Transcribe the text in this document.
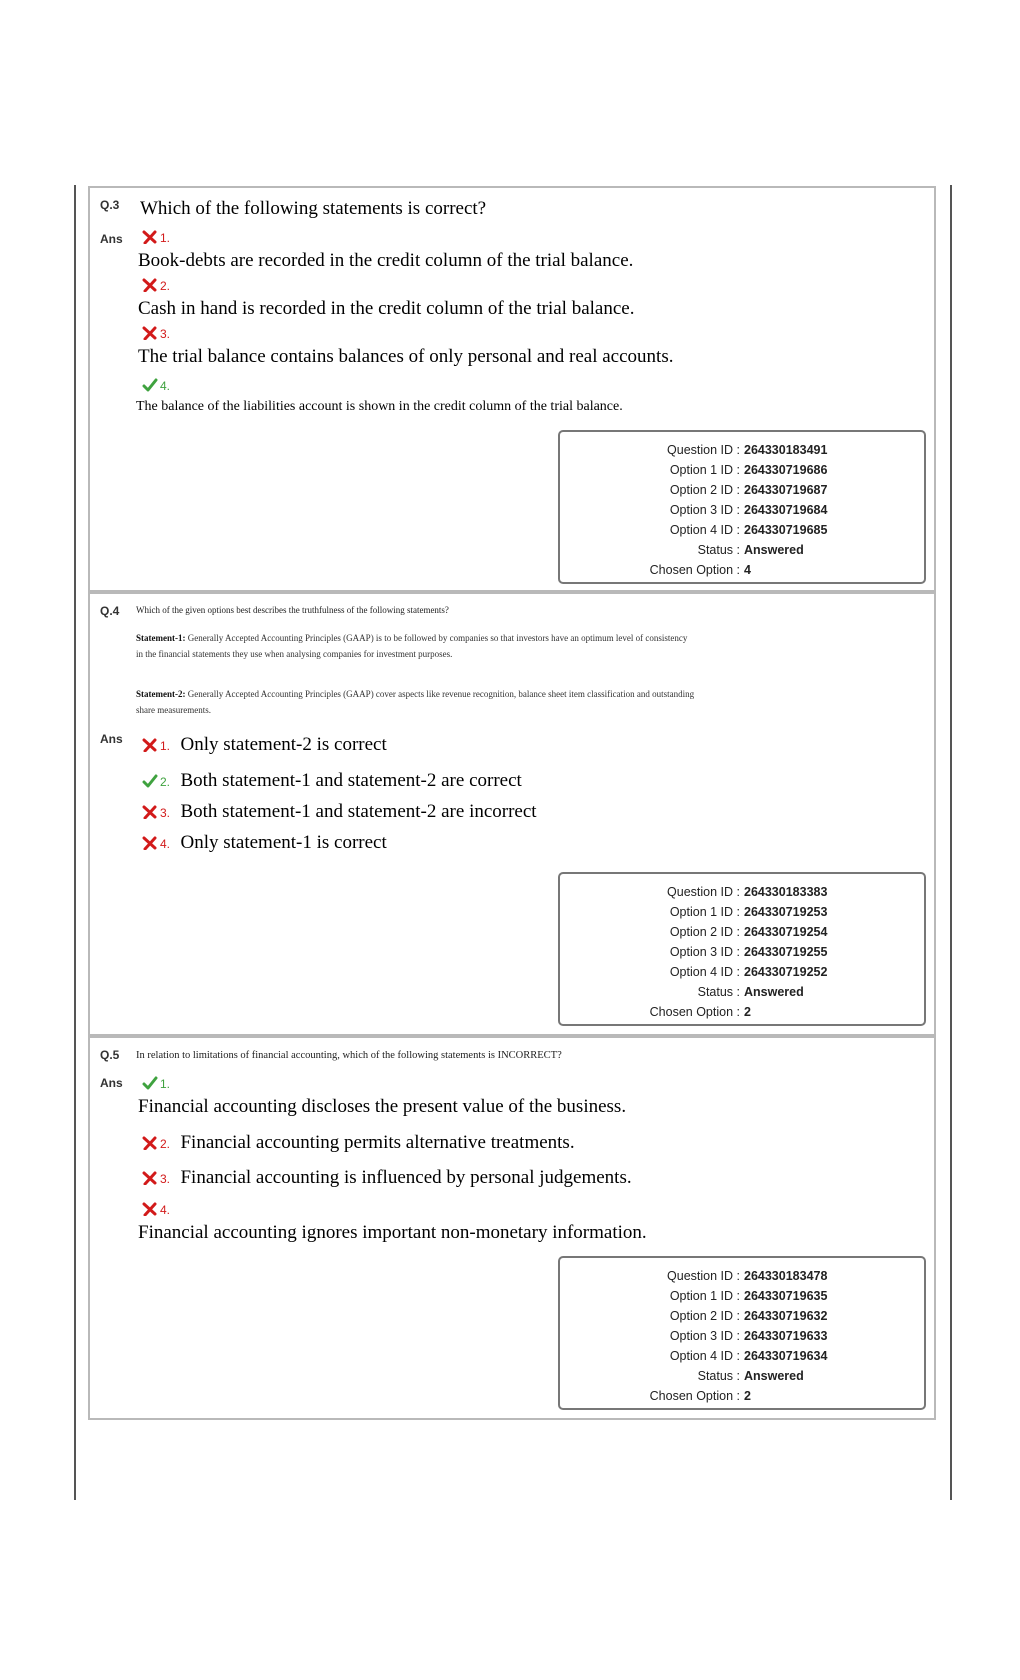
Q.3 Which of the following statements is correct?
Ans	1.
Book-debts are recorded in the credit column of the trial balance.
2.
Cash in hand is recorded in the credit column of the trial balance.
3.
The trial balance contains balances of only personal and real accounts.
4.
The balance of the liabilities account is shown in the credit column of the trial balance.
Question ID : 264330183491
Option 1 ID : 264330719686
Option 2 ID : 264330719687
Option 3 ID : 264330719684
Option 4 ID : 264330719685
Status : Answered
Chosen Option : 4
Q.4 Which of the given options best describes the truthfulness of the following statements?
Statement-1: Generally Accepted Accounting Principles (GAAP) is to be followed by companies so that investors have an optimum level of consistency in the financial statements they use when analysing companies for investment purposes.
Statement-2: Generally Accepted Accounting Principles (GAAP) cover aspects like revenue recognition, balance sheet item classification and outstanding share measurements.
Ans	1. Only statement-2 is correct
2. Both statement-1 and statement-2 are correct
3. Both statement-1 and statement-2 are incorrect
4. Only statement-1 is correct
Question ID : 264330183383
Option 1 ID : 264330719253
Option 2 ID : 264330719254
Option 3 ID : 264330719255
Option 4 ID : 264330719252
Status : Answered
Chosen Option : 2
Q.5 In relation to limitations of financial accounting, which of the following statements is INCORRECT?
Ans	1.
Financial accounting discloses the present value of the business.
2. Financial accounting permits alternative treatments.
3. Financial accounting is influenced by personal judgements.
4.
Financial accounting ignores important non-monetary information.
Question ID : 264330183478
Option 1 ID : 264330719635
Option 2 ID : 264330719632
Option 3 ID : 264330719633
Option 4 ID : 264330719634
Status : Answered
Chosen Option : 2
